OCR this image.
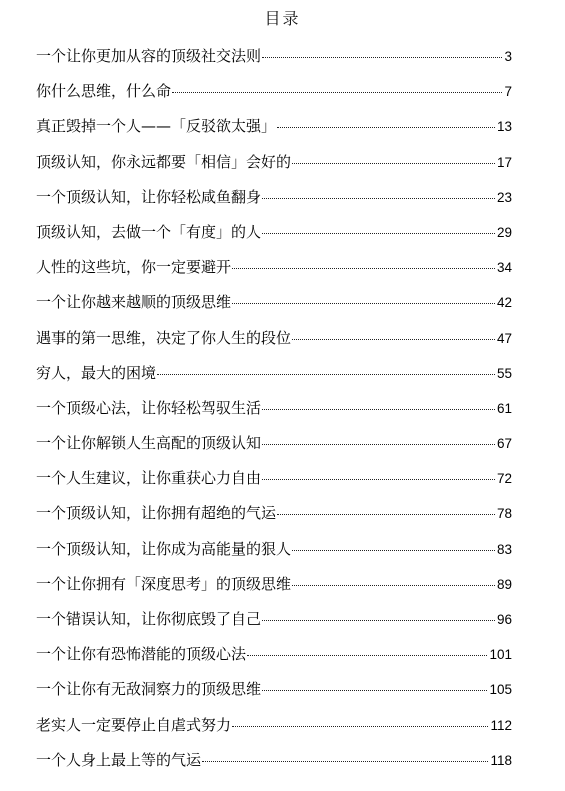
目录
一个让你更加从容的顶级社交法则	3
你什么思维，什么命	7
真正毁掉一个人——「反驳欲太强」	13
顶级认知，你永远都要「相信」会好的	17
一个顶级认知，让你轻松咸鱼翻身	23
顶级认知，去做一个「有度」的人	29
人性的这些坑，你一定要避开	34
一个让你越来越顺的顶级思维	42
遇事的第一思维，决定了你人生的段位	47
穷人，最大的困境	55
一个顶级心法，让你轻松驾驭生活	61
一个让你解锁人生高配的顶级认知	67
一个人生建议，让你重获心力自由	72
一个顶级认知，让你拥有超绝的气运	78
一个顶级认知，让你成为高能量的狠人	83
一个让你拥有「深度思考」的顶级思维	89
一个错误认知，让你彻底毁了自己	96
一个让你有恐怖潜能的顶级心法	101
一个让你有无敌洞察力的顶级思维	105
老实人一定要停止自虐式努力	112
一个人身上最上等的气运	118
